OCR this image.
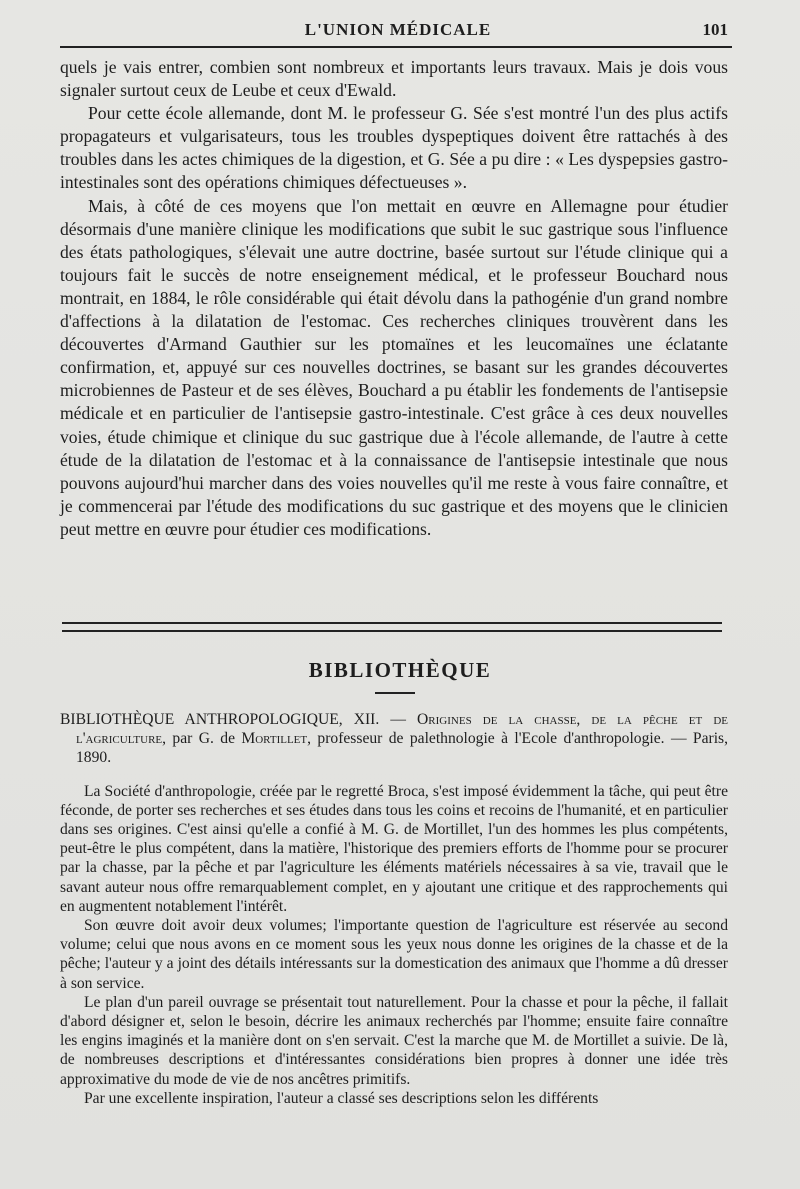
L'UNION MÉDICALE	101

quels je vais entrer, combien sont nombreux et importants leurs travaux. Mais je dois vous signaler surtout ceux de Leube et ceux d'Ewald.

Pour cette école allemande, dont M. le professeur G. Sée s'est montré l'un des plus actifs propagateurs et vulgarisateurs, tous les troubles dyspeptiques doivent être rattachés à des troubles dans les actes chimiques de la digestion, et G. Sée a pu dire : « Les dyspepsies gastro-intestinales sont des opérations chimiques défectueuses ».

Mais, à côté de ces moyens que l'on mettait en œuvre en Allemagne pour étudier désormais d'une manière clinique les modifications que subit le suc gastrique sous l'influence des états pathologiques, s'élevait une autre doctrine, basée surtout sur l'étude clinique qui a toujours fait le succès de notre enseignement médical, et le professeur Bouchard nous montrait, en 1884, le rôle considérable qui était dévolu dans la pathogénie d'un grand nombre d'affections à la dilatation de l'estomac. Ces recherches cliniques trouvèrent dans les découvertes d'Armand Gauthier sur les ptomaïnes et les leucomaïnes une éclatante confirmation, et, appuyé sur ces nouvelles doctrines, se basant sur les grandes découvertes microbiennes de Pasteur et de ses élèves, Bouchard a pu établir les fondements de l'antisepsie médicale et en particulier de l'antisepsie gastro-intestinale. C'est grâce à ces deux nouvelles voies, étude chimique et clinique du suc gastrique due à l'école allemande, de l'autre à cette étude de la dilatation de l'estomac et à la connaissance de l'antisepsie intestinale que nous pouvons aujourd'hui marcher dans des voies nouvelles qu'il me reste à vous faire connaître, et je commencerai par l'étude des modifications du suc gastrique et des moyens que le clinicien peut mettre en œuvre pour étudier ces modifications.

BIBLIOTHÈQUE

BIBLIOTHÈQUE ANTHROPOLOGIQUE, XII. — Origines de la chasse, de la pêche et de l'agriculture, par G. de Mortillet, professeur de palethnologie à l'Ecole d'anthropologie. — Paris, 1890.

La Société d'anthropologie, créée par le regretté Broca, s'est imposé évidemment la tâche, qui peut être féconde, de porter ses recherches et ses études dans tous les coins et recoins de l'humanité, et en particulier dans ses origines. C'est ainsi qu'elle a confié à M. G. de Mortillet, l'un des hommes les plus compétents, peut-être le plus compétent, dans la matière, l'historique des premiers efforts de l'homme pour se procurer par la chasse, par la pêche et par l'agriculture les éléments matériels nécessaires à sa vie, travail que le savant auteur nous offre remarquablement complet, en y ajoutant une critique et des rapprochements qui en augmentent notablement l'intérêt.

Son œuvre doit avoir deux volumes; l'importante question de l'agriculture est réservée au second volume; celui que nous avons en ce moment sous les yeux nous donne les origines de la chasse et de la pêche; l'auteur y a joint des détails intéressants sur la domestication des animaux que l'homme a dû dresser à son service.

Le plan d'un pareil ouvrage se présentait tout naturellement. Pour la chasse et pour la pêche, il fallait d'abord désigner et, selon le besoin, décrire les animaux recherchés par l'homme; ensuite faire connaître les engins imaginés et la manière dont on s'en servait. C'est la marche que M. de Mortillet a suivie. De là, de nombreuses descriptions et d'intéressantes considérations bien propres à donner une idée très approximative du mode de vie de nos ancêtres primitifs.

Par une excellente inspiration, l'auteur a classé ses descriptions selon les différents
